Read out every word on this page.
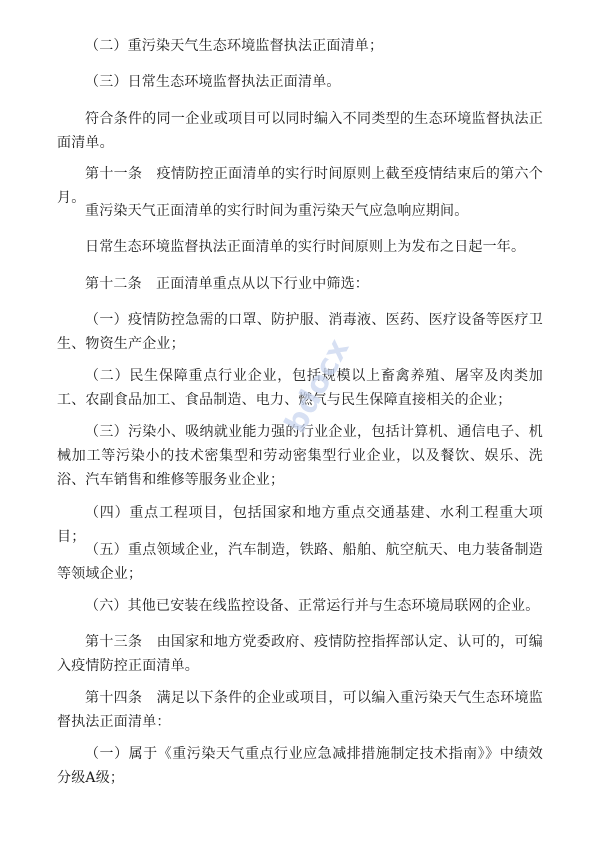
（二）重污染天气生态环境监督执法正面清单；

（三）日常生态环境监督执法正面清单。

符合条件的同一企业或项目可以同时编入不同类型的生态环境监督执法正面清单。

第十一条　疫情防控正面清单的实行时间原则上截至疫情结束后的第六个月。

重污染天气正面清单的实行时间为重污染天气应急响应期间。

日常生态环境监督执法正面清单的实行时间原则上为发布之日起一年。

第十二条　正面清单重点从以下行业中筛选：

（一）疫情防控急需的口罩、防护服、消毒液、医药、医疗设备等医疗卫生、物资生产企业；

（二）民生保障重点行业企业，包括规模以上畜禽养殖、屠宰及肉类加工、农副食品加工、食品制造、电力、燃气与民生保障直接相关的企业；

（三）污染小、吸纳就业能力强的行业企业，包括计算机、通信电子、机械加工等污染小的技术密集型和劳动密集型行业企业，以及餐饮、娱乐、洗浴、汽车销售和维修等服务业企业；

（四）重点工程项目，包括国家和地方重点交通基建、水利工程重大项目；

（五）重点领域企业，汽车制造，铁路、船舶、航空航天、电力装备制造等领域企业；

（六）其他已安装在线监控设备、正常运行并与生态环境局联网的企业。

第十三条　由国家和地方党委政府、疫情防控指挥部认定、认可的，可编入疫情防控正面清单。

第十四条　满足以下条件的企业或项目，可以编入重污染天气生态环境监督执法正面清单：

（一）属于《重污染天气重点行业应急减排措施制定技术指南》》中绩效分级A级；

bdocx
